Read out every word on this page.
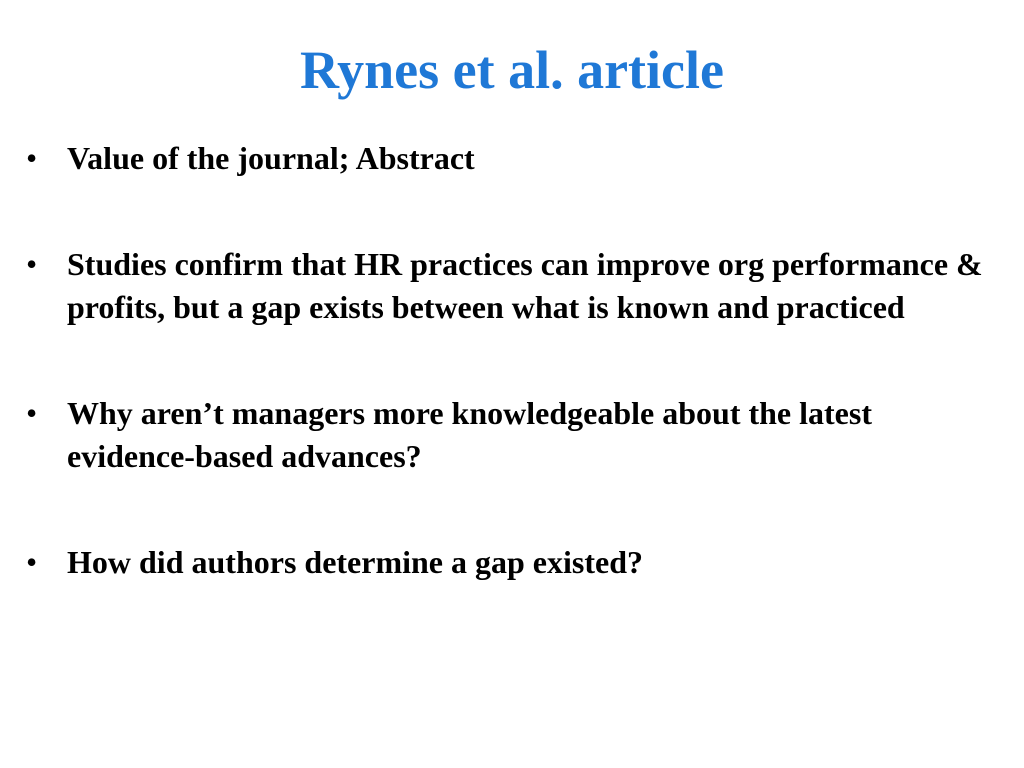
Rynes et al. article
• Value of the journal; Abstract
• Studies confirm that HR practices can improve org performance & profits, but a gap exists between what is known and practiced
• Why aren’t managers more knowledgeable about the latest evidence-based advances?
• How did authors determine a gap existed?
